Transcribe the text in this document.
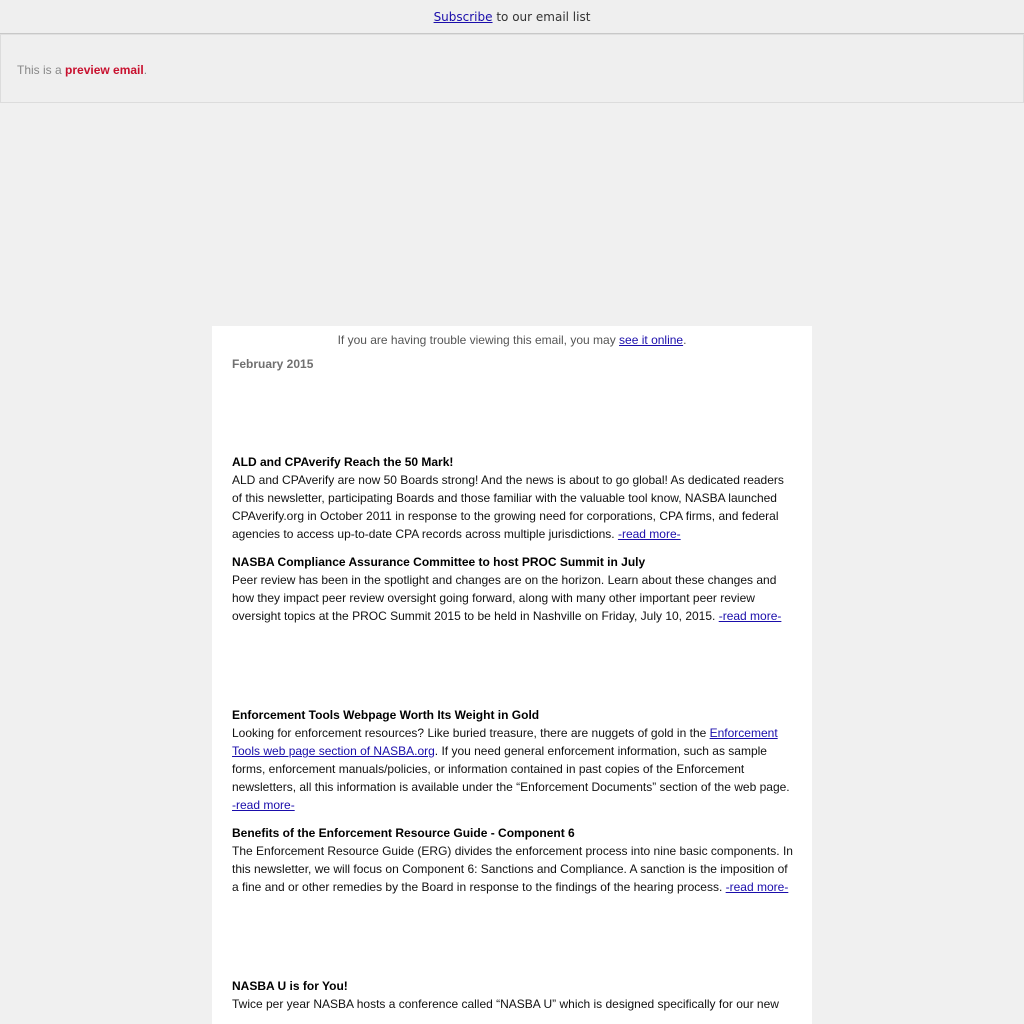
Subscribe to our email list
This is a preview email.
If you are having trouble viewing this email, you may see it online.
February 2015
ALD and CPAverify Reach the 50 Mark!

ALD and CPAverify are now 50 Boards strong! And the news is about to go global! As dedicated readers of this newsletter, participating Boards and those familiar with the valuable tool know, NASBA launched CPAverify.org in October 2011 in response to the growing need for corporations, CPA firms, and federal agencies to access up-to-date CPA records across multiple jurisdictions. -read more-

NASBA Compliance Assurance Committee to host PROC Summit in July

Peer review has been in the spotlight and changes are on the horizon. Learn about these changes and how they impact peer review oversight going forward, along with many other important peer review oversight topics at the PROC Summit 2015 to be held in Nashville on Friday, July 10, 2015. -read more-

Enforcement Tools Webpage Worth Its Weight in Gold

Looking for enforcement resources? Like buried treasure, there are nuggets of gold in the Enforcement Tools web page section of NASBA.org. If you need general enforcement information, such as sample forms, enforcement manuals/policies, or information contained in past copies of the Enforcement newsletters, all this information is available under the “Enforcement Documents” section of the web page. -read more-

Benefits of the Enforcement Resource Guide - Component 6

The Enforcement Resource Guide (ERG) divides the enforcement process into nine basic components. In this newsletter, we will focus on Component 6: Sanctions and Compliance. A sanction is the imposition of a fine and or other remedies by the Board in response to the findings of the hearing process. -read more-

NASBA U is for You!

Twice per year NASBA hosts a conference called “NASBA U” which is designed specifically for our new
